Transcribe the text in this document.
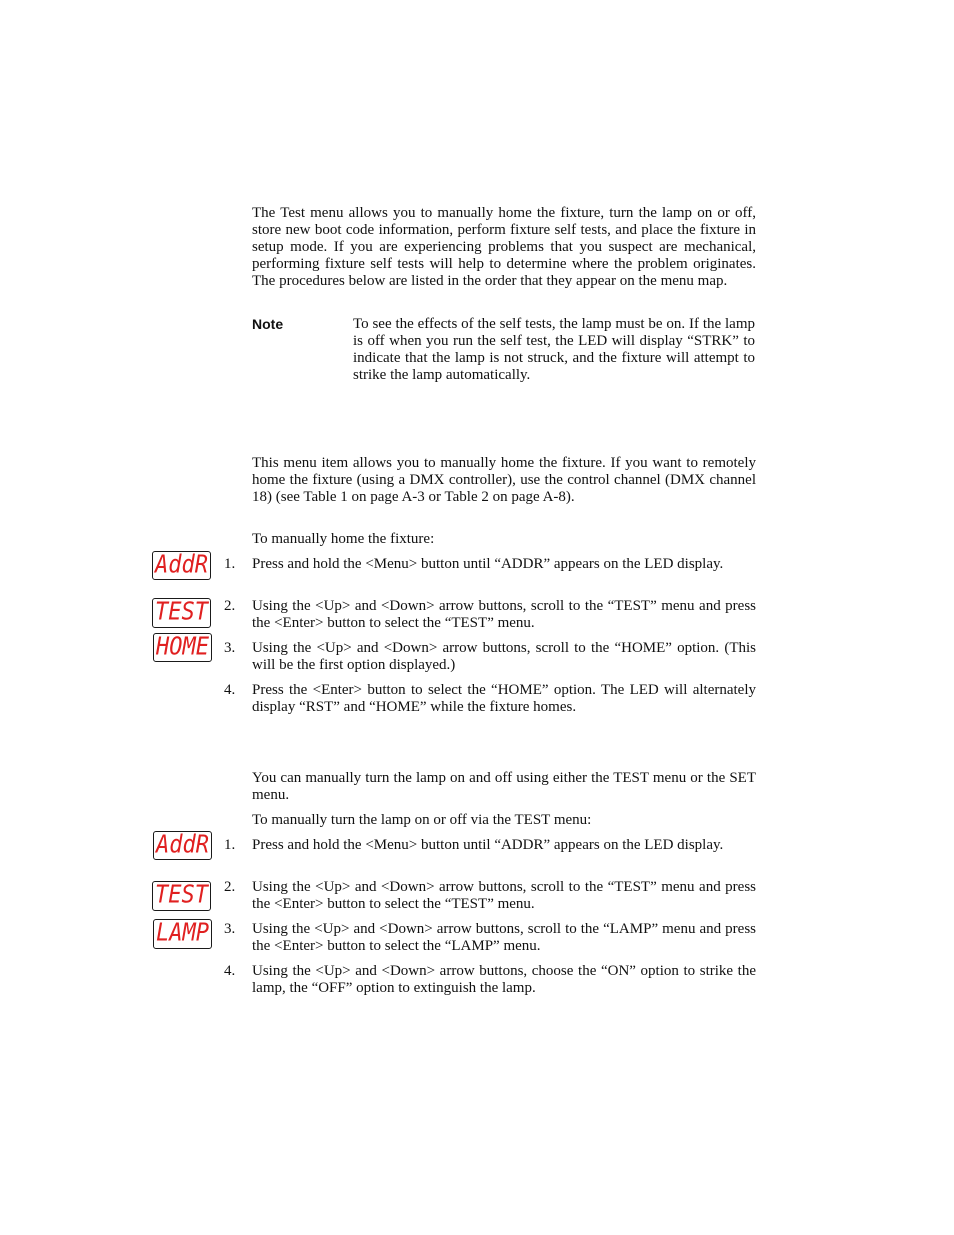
The Test menu allows you to manually home the fixture, turn the lamp on or off, store new boot code information, perform fixture self tests, and place the fixture in setup mode. If you are experiencing problems that you suspect are mechanical, performing fixture self tests will help to determine where the problem originates. The procedures below are listed in the order that they appear on the menu map.

Note	To see the effects of the self tests, the lamp must be on. If the lamp is off when you run the self test, the LED will display “STRK” to indicate that the lamp is not struck, and the fixture will attempt to strike the lamp automatically.

This menu item allows you to manually home the fixture. If you want to remotely home the fixture (using a DMX controller), use the control channel (DMX channel 18) (see Table 1 on page A-3 or Table 2 on page A-8).

To manually home the fixture:

AddR
TEST
HOME
1.	Press and hold the <Menu> button until “ADDR” appears on the LED display.
2.	Using the <Up> and <Down> arrow buttons, scroll to the “TEST” menu and press the <Enter> button to select the “TEST” menu.
3.	Using the <Up> and <Down> arrow buttons, scroll to the “HOME” option. (This will be the first option displayed.)
4.	Press the <Enter> button to select the “HOME” option. The LED will alternately display “RST” and “HOME” while the fixture homes.

You can manually turn the lamp on and off using either the TEST menu or the SET menu.

To manually turn the lamp on or off via the TEST menu:

AddR
TEST
LAMP
1.	Press and hold the <Menu> button until “ADDR” appears on the LED display.
2.	Using the <Up> and <Down> arrow buttons, scroll to the “TEST” menu and press the <Enter> button to select the “TEST” menu.
3.	Using the <Up> and <Down> arrow buttons, scroll to the “LAMP” menu and press the <Enter> button to select the “LAMP” menu.
4.	Using the <Up> and <Down> arrow buttons, choose the “ON” option to strike the lamp, the “OFF” option to extinguish the lamp.
